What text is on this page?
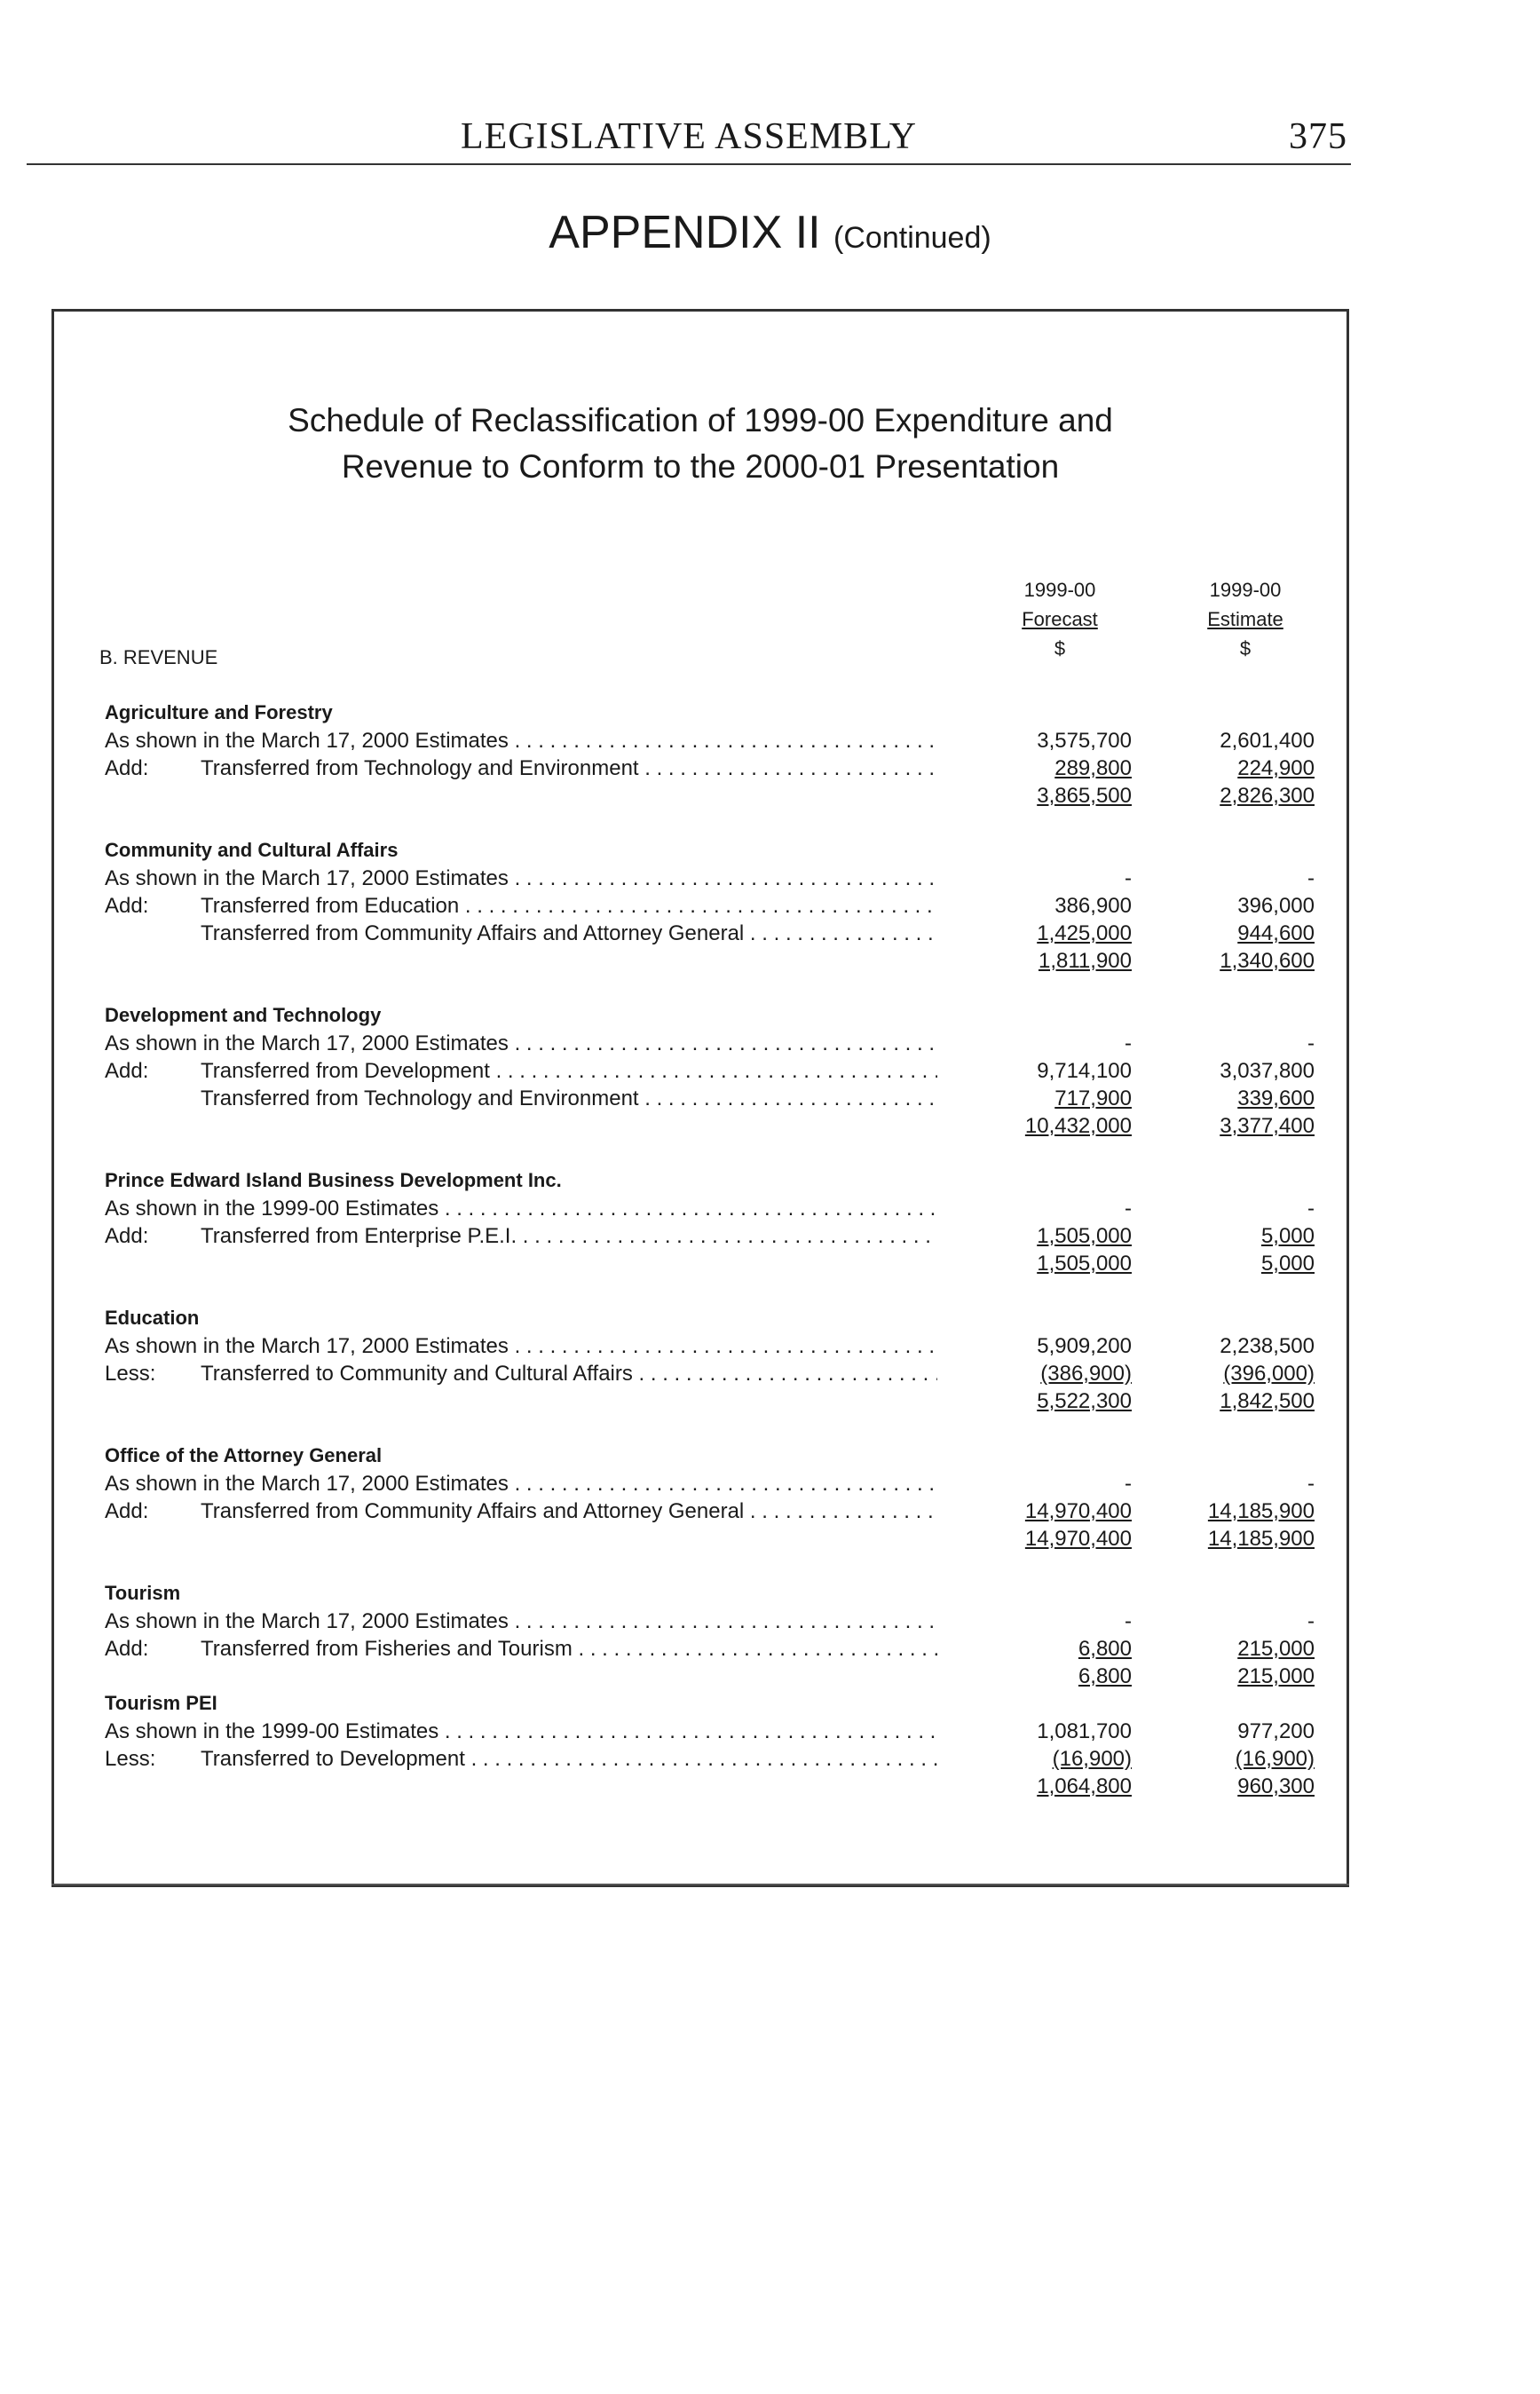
LEGISLATIVE ASSEMBLY	375
APPENDIX II (Continued)
Schedule of Reclassification of 1999-00 Expenditure and
Revenue to Conform to the 2000-01 Presentation
1999-00
Forecast
$
1999-00
Estimate
$
B. REVENUE
Agriculture and Forestry
As shown in the March 17, 2000 Estimates . . .	3,575,700	2,601,400
Add: Transferred from Technology and Environment . . .	289,800	224,900
3,865,500	2,826,300
Community and Cultural Affairs
As shown in the March 17, 2000 Estimates . . .	-	-
Add: Transferred from Education . . .	386,900	396,000
Transferred from Community Affairs and Attorney General . . .	1,425,000	944,600
1,811,900	1,340,600
Development and Technology
As shown in the March 17, 2000 Estimates . . .	-	-
Add: Transferred from Development . . .	9,714,100	3,037,800
Transferred from Technology and Environment . . .	717,900	339,600
10,432,000	3,377,400
Prince Edward Island Business Development Inc.
As shown in the 1999-00 Estimates . . .	-	-
Add: Transferred from Enterprise P.E.I. . . .	1,505,000	5,000
1,505,000	5,000
Education
As shown in the March 17, 2000 Estimates . . .	5,909,200	2,238,500
Less: Transferred to Community and Cultural Affairs . . .	(386,900)	(396,000)
5,522,300	1,842,500
Office of the Attorney General
As shown in the March 17, 2000 Estimates . . .	-	-
Add: Transferred from Community Affairs and Attorney General . . .	14,970,400	14,185,900
14,970,400	14,185,900
Tourism
As shown in the March 17, 2000 Estimates . . .	-	-
Add: Transferred from Fisheries and Tourism . . .	6,800	215,000
6,800	215,000
Tourism PEI
As shown in the 1999-00 Estimates . . .	1,081,700	977,200
Less: Transferred to Development . . .	(16,900)	(16,900)
1,064,800	960,300
